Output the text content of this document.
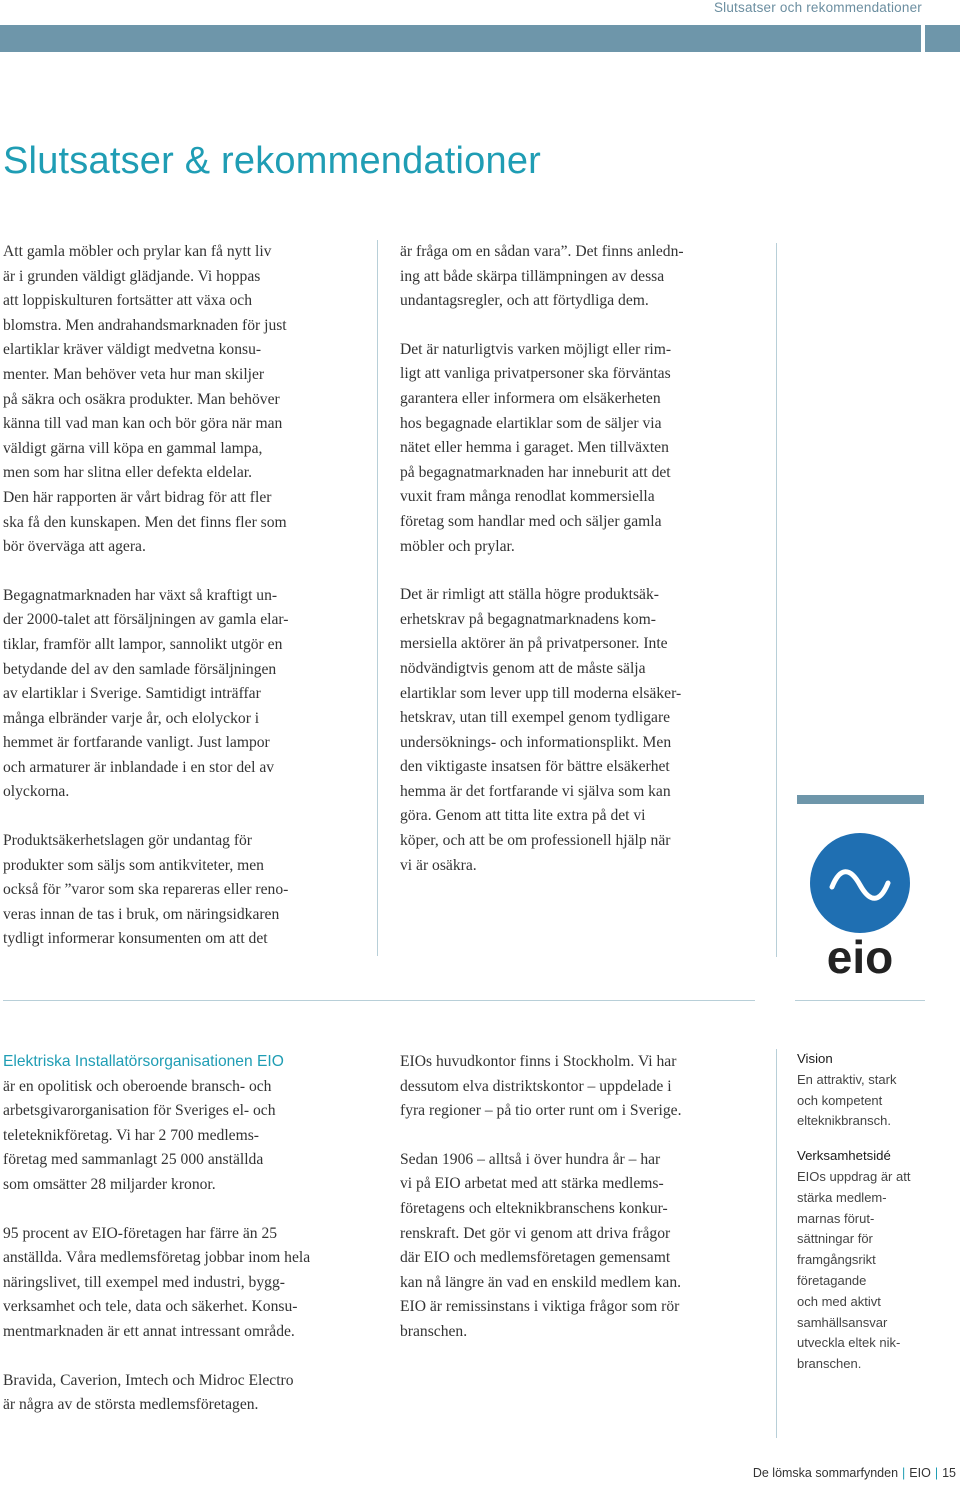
Slutsatser och rekommendationer
Slutsatser & rekommendationer

Att gamla möbler och prylar kan få nytt liv
är i grunden väldigt glädjande. Vi hoppas
att loppiskulturen fortsätter att växa och
blomstra. Men andrahandsmarknaden för just
elartiklar kräver väldigt medvetna konsu-
menter. Man behöver veta hur man skiljer
på säkra och osäkra produkter. Man behöver
känna till vad man kan och bör göra när man
väldigt gärna vill köpa en gammal lampa,
men som har slitna eller defekta eldelar.
Den här rapporten är vårt bidrag för att fler
ska få den kunskapen. Men det finns fler som
bör överväga att agera.

Begagnatmarknaden har växt så kraftigt un-
der 2000-talet att försäljningen av gamla elar-
tiklar, framför allt lampor, sannolikt utgör en
betydande del av den samlade försäljningen
av elartiklar i Sverige. Samtidigt inträffar
många elbränder varje år, och elolyckor i
hemmet är fortfarande vanligt. Just lampor
och armaturer är inblandade i en stor del av
olyckorna.

Produktsäkerhetslagen gör undantag för
produkter som säljs som antikviteter, men
också för ”varor som ska repareras eller reno-
veras innan de tas i bruk, om näringsidkaren
tydligt informerar konsumenten om att det

är fråga om en sådan vara”. Det finns anledn-
ing att både skärpa tillämpningen av dessa
undantagsregler, och att förtydliga dem.

Det är naturligtvis varken möjligt eller rim-
ligt att vanliga privatpersoner ska förväntas
garantera eller informera om elsäkerheten
hos begagnade elartiklar som de säljer via
nätet eller hemma i garaget. Men tillväxten
på begagnatmarknaden har inneburit att det
vuxit fram många renodlat kommersiella
företag som handlar med och säljer gamla
möbler och prylar.

Det är rimligt att ställa högre produktsäk-
erhetskrav på begagnatmarknadens kom-
mersiella aktörer än på privatpersoner. Inte
nödvändigtvis genom att de måste sälja
elartiklar som lever upp till moderna elsäker-
hetskrav, utan till exempel genom tydligare
undersöknings- och informationsplikt. Men
den viktigaste insatsen för bättre elsäkerhet
hemma är det fortfarande vi själva som kan
göra. Genom att titta lite extra på det vi
köper, och att be om professionell hjälp när
vi är osäkra.

eio

Elektriska Installatörsorganisationen EIO
är en opolitisk och oberoende bransch- och
arbetsgivarorganisation för Sveriges el- och
teleteknikföretag. Vi har 2 700 medlems-
företag med sammanlagt 25 000 anställda
som omsätter 28 miljarder kronor.

95 procent av EIO-företagen har färre än 25
anställda. Våra medlemsföretag jobbar inom hela
näringslivet, till exempel med industri, bygg-
verksamhet och tele, data och säkerhet. Konsu-
mentmarknaden är ett annat intressant område.

Bravida, Caverion, Imtech och Midroc Electro
är några av de största medlemsföretagen.

EIOs huvudkontor finns i Stockholm. Vi har
dessutom elva distriktskontor – uppdelade i
fyra regioner – på tio orter runt om i Sverige.

Sedan 1906 – alltså i över hundra år – har
vi på EIO arbetat med att stärka medlems-
företagens och elteknikbranschens konkur-
renskraft. Det gör vi genom att driva frågor
där EIO och medlemsföretagen gemensamt
kan nå längre än vad en enskild medlem kan.
EIO är remissinstans i viktiga frågor som rör
branschen.

Vision

En attraktiv, stark
och kompetent
elteknikbransch.

Verksamhetsidé

EIOs uppdrag är att
stärka medlem-
marnas förut-
sättningar för
framgångsrikt
företagande
och med aktivt
samhällsansvar
utveckla eltek nik-
branschen.

De lömska sommarfynden | EIO | 15
